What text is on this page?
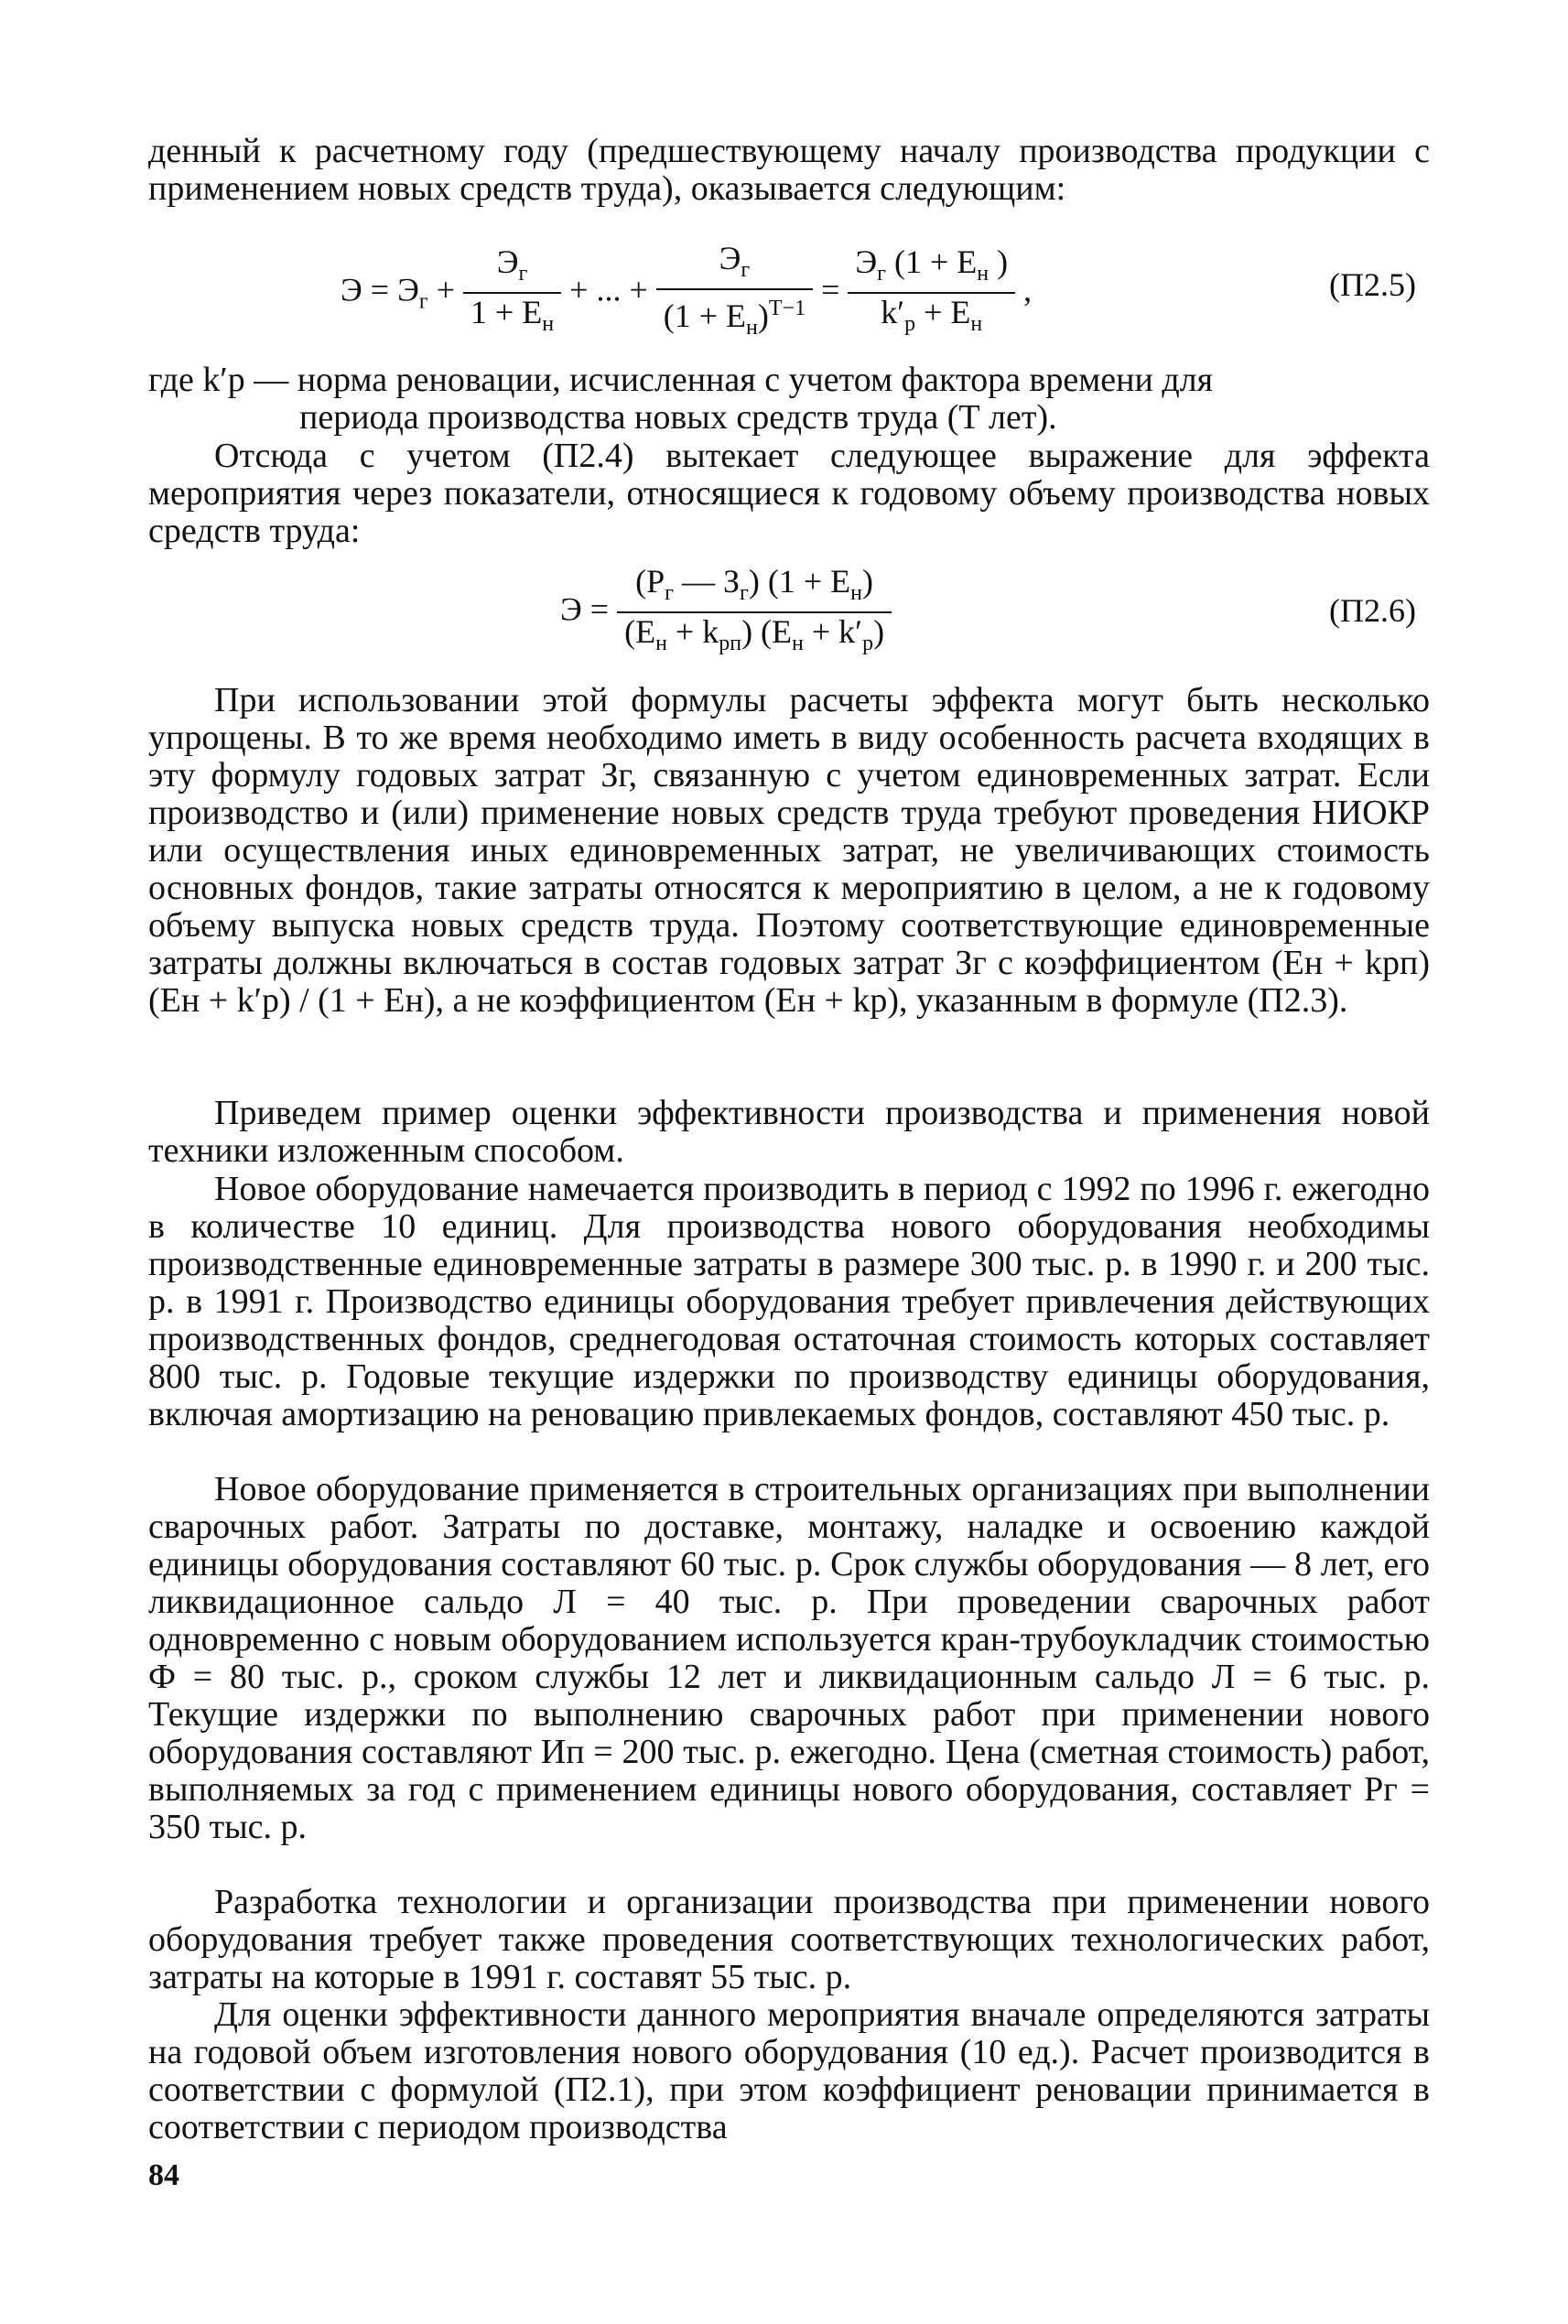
денный к расчетному году (предшествующему началу производства продукции с применением новых средств труда), оказывается следующим:

$Э = Э_г + \frac{Э_г}{1 + Е_н}$ + ... + $\frac{Э_г}{(1 + Е_н)^{Т-1}} = \frac{Э_г (1 + Е_н )}{k'_р + Е_н}$ ,	(П2.5)
где k′р — норма реновации, исчисленная с учетом фактора времени для
периода производства новых средств труда (Т лет).

Отсюда с учетом (П2.4) вытекает следующее выражение для эффекта мероприятия через показатели, относящиеся к годовому объему производства новых средств труда:

$Э = \frac{(Р_г — З_г) (1 + Е_н)}{(Е_н + k_{рп}) (Е_н + k'_р)}$	(П2.6)

При использовании этой формулы расчеты эффекта могут быть несколько упрощены. В то же время необходимо иметь в виду особенность расчета входящих в эту формулу годовых затрат Зг, связанную с учетом единовременных затрат. Если производство и (или) применение новых средств труда требуют проведения НИОКР или осуществления иных единовременных затрат, не увеличивающих стоимость основных фондов, такие затраты относятся к мероприятию в целом, а не к годовому объему выпуска новых средств труда. Поэтому соответствующие единовременные затраты должны включаться в состав годовых затрат Зг с коэффициентом (Ен + kрп) (Ен + k′р) / (1 + Ен), а не коэффициентом (Ен + kр), указанным в формуле (П2.3).

Приведем пример оценки эффективности производства и применения новой техники изложенным способом.

Новое оборудование намечается производить в период с 1992 по 1996 г. ежегодно в количестве 10 единиц. Для производства нового оборудования необходимы производственные единовременные затраты в размере 300 тыс. р. в 1990 г. и 200 тыс. р. в 1991 г. Производство единицы оборудования требует привлечения действующих производственных фондов, среднегодовая остаточная стоимость которых составляет 800 тыс. р. Годовые текущие издержки по производству единицы оборудования, включая амортизацию на реновацию привлекаемых фондов, составляют 450 тыс. р.

Новое оборудование применяется в строительных организациях при выполнении сварочных работ. Затраты по доставке, монтажу, наладке и освоению каждой единицы оборудования составляют 60 тыс. р. Срок службы оборудования — 8 лет, его ликвидационное сальдо Л = 40 тыс. р. При проведении сварочных работ одновременно с новым оборудованием используется кран-трубоукладчик стоимостью Ф = 80 тыс. р., сроком службы 12 лет и ликвидационным сальдо Л = 6 тыс. р. Текущие издержки по выполнению сварочных работ при применении нового оборудования составляют Ип = 200 тыс. р. ежегодно. Цена (сметная стоимость) работ, выполняемых за год с применением единицы нового оборудования, составляет Рг = 350 тыс. р.

Разработка технологии и организации производства при применении нового оборудования требует также проведения соответствующих технологических работ, затраты на которые в 1991 г. составят 55 тыс. р.

Для оценки эффективности данного мероприятия вначале определяются затраты на годовой объем изготовления нового оборудования (10 ед.). Расчет производится в соответствии с формулой (П2.1), при этом коэффициент реновации принимается в соответствии с периодом производства

84
